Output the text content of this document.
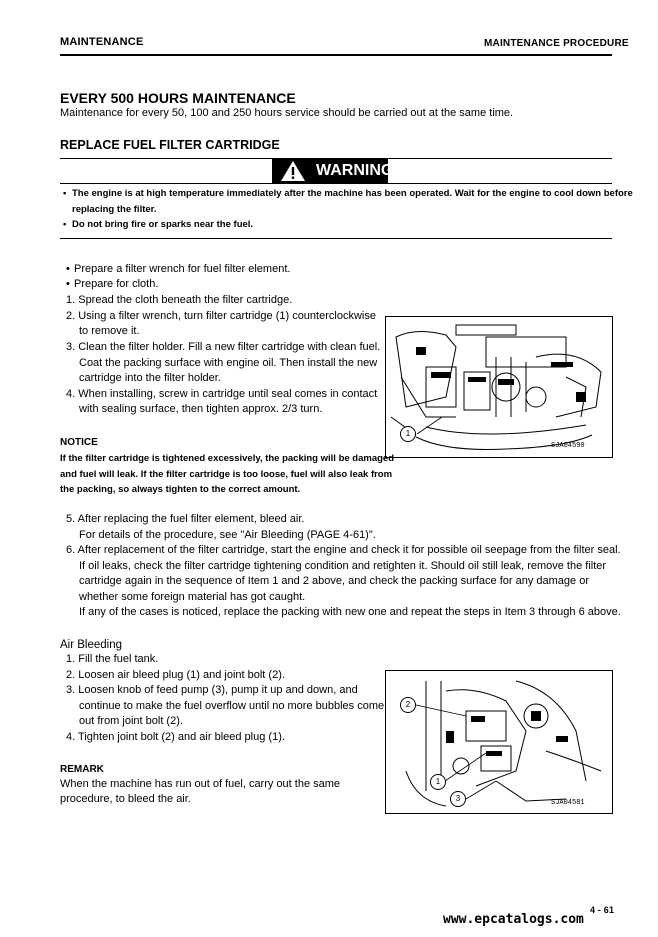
MAINTENANCE	MAINTENANCE PROCEDURE
EVERY 500 HOURS MAINTENANCE
Maintenance for every 50, 100 and 250 hours service should be carried out at the same time.
REPLACE FUEL FILTER CARTRIDGE
WARNING
• The engine is at high temperature immediately after the machine has been operated. Wait for the engine to cool down before
replacing the filter.
• Do not bring fire or sparks near the fuel.
• Prepare a filter wrench for fuel filter element.
• Prepare for cloth.
1. Spread the cloth beneath the filter cartridge.
2. Using a filter wrench, turn filter cartridge (1) counterclockwise
to remove it.
3. Clean the filter holder. Fill a new filter cartridge with clean fuel.
Coat the packing surface with engine oil. Then install the new
cartridge into the filter holder.
4. When installing, screw in cartridge until seal comes in contact
with sealing surface, then tighten approx. 2/3 turn.
1
SJA04590
NOTICE
If the filter cartridge is tightened excessively, the packing will be damaged
and fuel will leak. If the filter cartridge is too loose, fuel will also leak from
the packing, so always tighten to the correct amount.
5. After replacing the fuel filter element, bleed air.
For details of the procedure, see "Air Bleeding (PAGE 4-61)".
6. After replacement of the filter cartridge, start the engine and check it for possible oil seepage from the filter seal.
If oil leaks, check the filter cartridge tightening condition and retighten it. Should oil still leak, remove the filter
cartridge again in the sequence of Item 1 and 2 above, and check the packing surface for any damage or
whether some foreign material has got caught.
If any of the cases is noticed, replace the packing with new one and repeat the steps in Item 3 through 6 above.
Air Bleeding
1. Fill the fuel tank.
2. Loosen air bleed plug (1) and joint bolt (2).
3. Loosen knob of feed pump (3), pump it up and down, and
continue to make the fuel overflow until no more bubbles come
out from joint bolt (2).
4. Tighten joint bolt (2) and air bleed plug (1).
2
1
3	SJA04581
REMARK
When the machine has run out of fuel, carry out the same
procedure, to bleed the air.
4 - 61
www.epcatalogs.com
